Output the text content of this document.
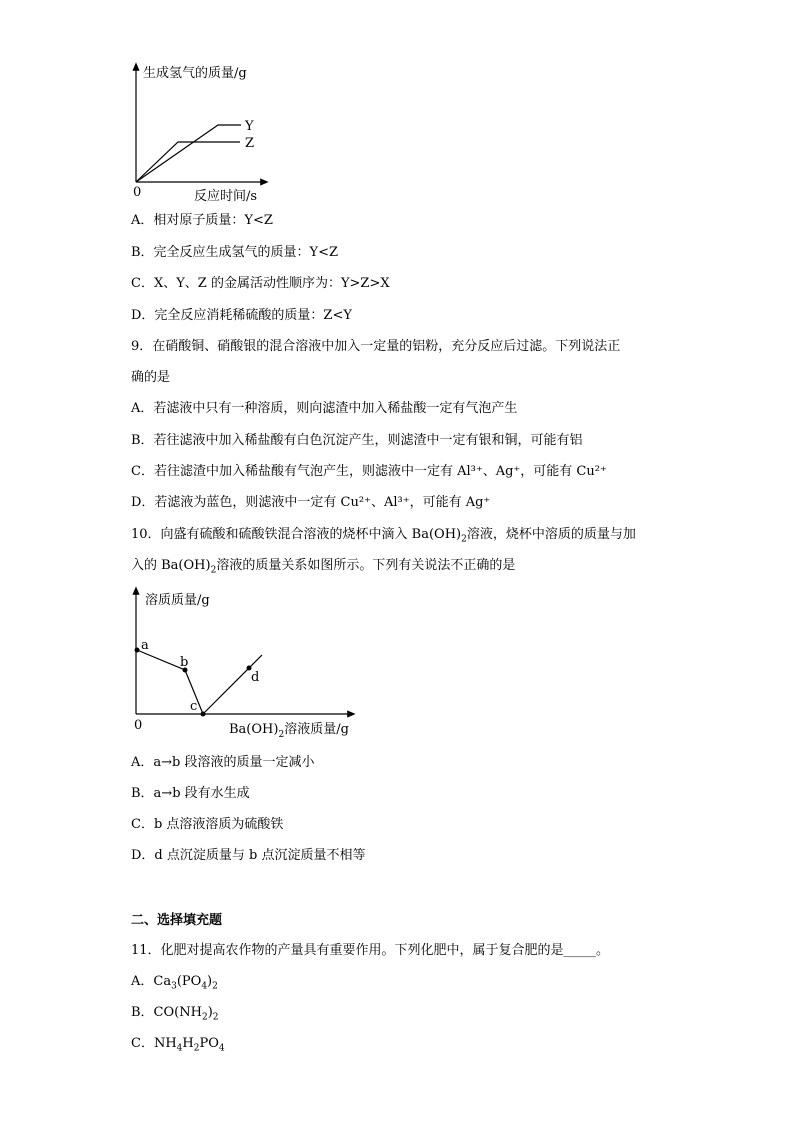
生成氢气的质量/g
反应时间/s
0
Y
Z
A．相对原子质量：Y<Z
B．完全反应生成氢气的质量：Y<Z
C．X、Y、Z 的金属活动性顺序为：Y>Z>X
D．完全反应消耗稀硫酸的质量：Z<Y
9．在硝酸铜、硝酸银的混合溶液中加入一定量的铝粉，充分反应后过滤。下列说法正
确的是
A．若滤液中只有一种溶质，则向滤渣中加入稀盐酸一定有气泡产生
B．若往滤液中加入稀盐酸有白色沉淀产生，则滤渣中一定有银和铜，可能有铝
C．若往滤渣中加入稀盐酸有气泡产生，则滤液中一定有 Al³⁺、Ag⁺，可能有 Cu²⁺
D．若滤液为蓝色，则滤液中一定有 Cu²⁺、Al³⁺，可能有 Ag⁺
10．向盛有硫酸和硫酸铁混合溶液的烧杯中滴入 $Ba(OH)_2$溶液，烧杯中溶质的质量与加
入的 $Ba(OH)_2$溶液的质量关系如图所示。下列有关说法不正确的是
溶质质量/g
0	$Ba(OH)_2$溶液质量/g
a
b
c
d
A．a→b 段溶液的质量一定减小
B．a→b 段有水生成
C．b 点溶液溶质为硫酸铁
D．d 点沉淀质量与 b 点沉淀质量不相等
二、选择填充题
11．化肥对提高农作物的产量具有重要作用。下列化肥中，属于复合肥的是_____。
A．$Ca_3(PO_4)_2$
B．$CO(NH_2)_2$
C．$NH_4H_2PO_4$
